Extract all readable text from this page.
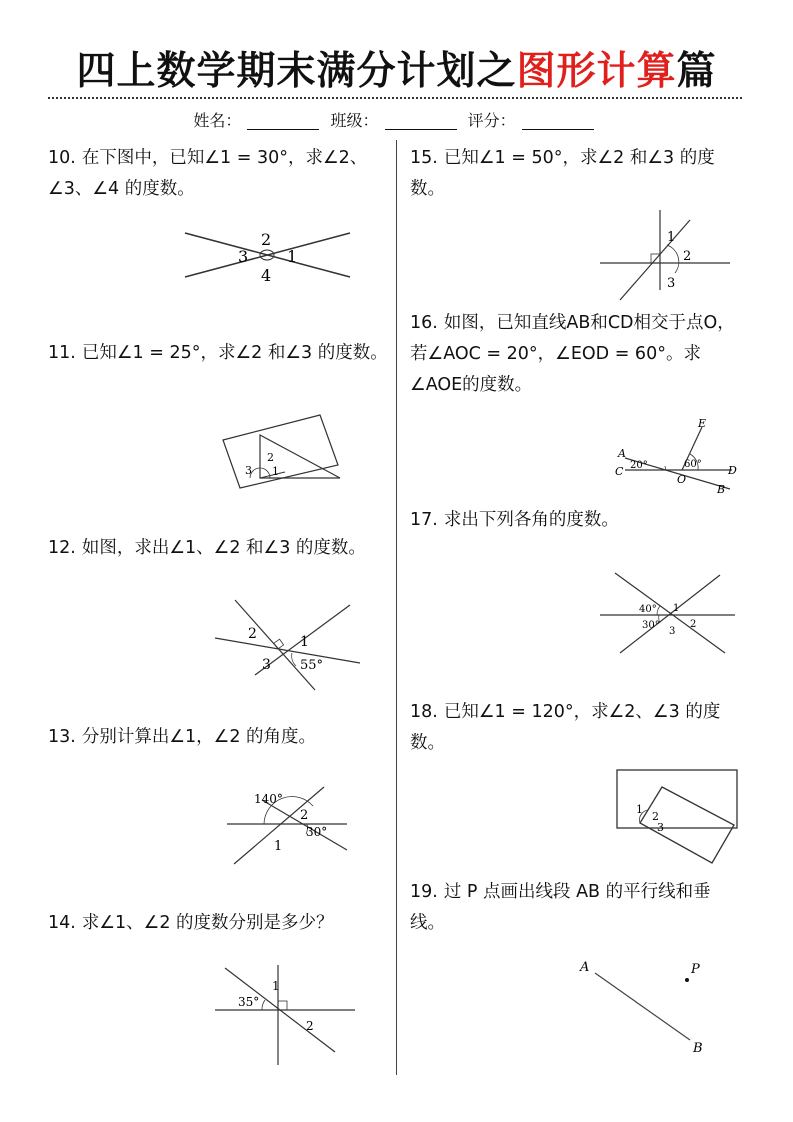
四上数学期末满分计划之图形计算篇
姓名：	班级：	评分：
10. 在下图中，已知∠1 = 30°，求∠2、∠3、∠4 的度数。
2
3 1
4
11. 已知∠1 = 25°，求∠2 和∠3 的度数。
2
3 1
12. 如图，求出∠1、∠2 和∠3 的度数。
2	1
3 55°
13. 分别计算出∠1，∠2 的角度。
140°
2
30°
1
14. 求∠1、∠2 的度数分别是多少？
35°
1
2
15. 已知∠1 = 50°，求∠2 和∠3 的度数。
1
2
3
16. 如图，已知直线AB和CD相交于点O，若∠AOC = 20°，∠EOD = 60°。求∠AOE的度数。
A
C 20°
O
E
60° D
B
17. 求出下列各角的度数。
40° 1
30°	2
3
18. 已知∠1 = 120°，求∠2、∠3 的度数。
1
2
3
19. 过 P 点画出线段 AB 的平行线和垂线。
A	P
B
